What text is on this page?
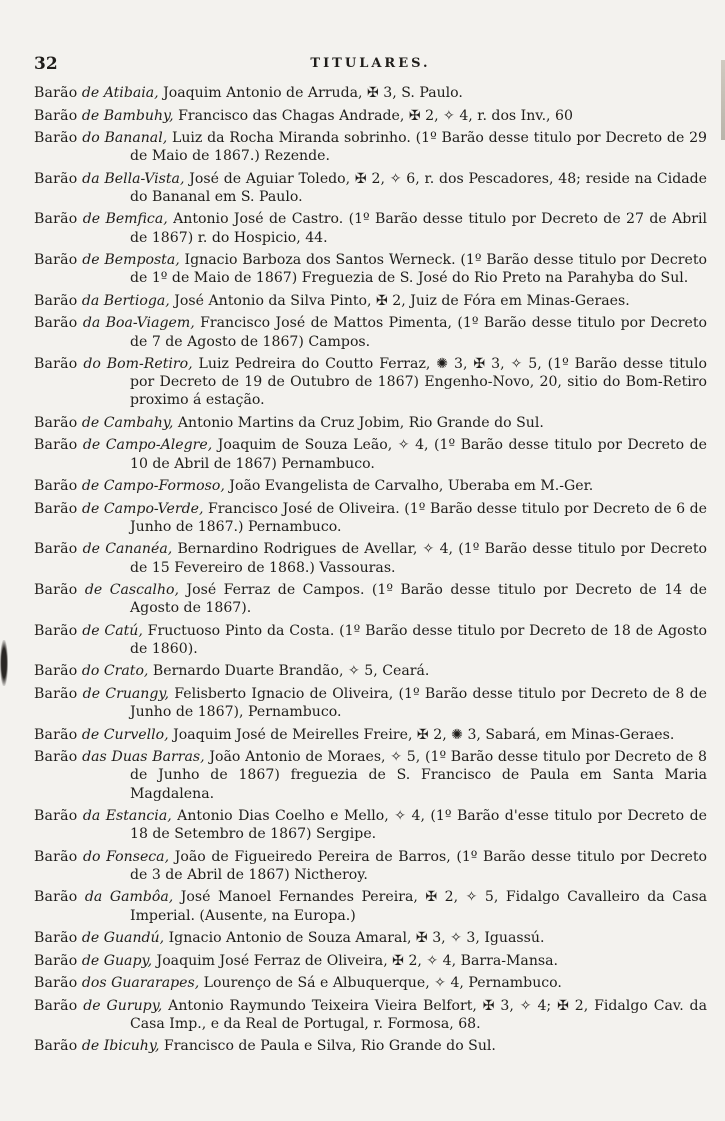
32	TITULARES.

Barão de Atibaia, Joaquim Antonio de Arruda, ✠ 3, S. Paulo.

Barão de Bambuhy, Francisco das Chagas Andrade, ✠ 2, ✧ 4, r. dos Inv., 60

Barão do Bananal, Luiz da Rocha Miranda sobrinho. (1º Barão desse titulo por Decreto de 29 de Maio de 1867.) Rezende.

Barão da Bella-Vista, José de Aguiar Toledo, ✠ 2, ✧ 6, r. dos Pescadores, 48; reside na Cidade do Bananal em S. Paulo.

Barão de Bemfica, Antonio José de Castro. (1º Barão desse titulo por Decreto de 27 de Abril de 1867) r. do Hospicio, 44.

Barão de Bemposta, Ignacio Barboza dos Santos Werneck. (1º Barão desse titulo por Decreto de 1º de Maio de 1867) Freguezia de S. José do Rio Preto na Parahyba do Sul.

Barão da Bertioga, José Antonio da Silva Pinto, ✠ 2, Juiz de Fóra em Minas-Geraes.

Barão da Boa-Viagem, Francisco José de Mattos Pimenta, (1º Barão desse titulo por Decreto de 7 de Agosto de 1867) Campos.

Barão do Bom-Retiro, Luiz Pedreira do Coutto Ferraz, ✺ 3, ✠ 3, ✧ 5, (1º Barão desse titulo por Decreto de 19 de Outubro de 1867) Engenho-Novo, 20, sitio do Bom-Retiro proximo á estação.

Barão de Cambahy, Antonio Martins da Cruz Jobim, Rio Grande do Sul.

Barão de Campo-Alegre, Joaquim de Souza Leão, ✧ 4, (1º Barão desse titulo por Decreto de 10 de Abril de 1867) Pernambuco.

Barão de Campo-Formoso, João Evangelista de Carvalho, Uberaba em M.-Ger.

Barão de Campo-Verde, Francisco José de Oliveira. (1º Barão desse titulo por Decreto de 6 de Junho de 1867.) Pernambuco.

Barão de Cananéa, Bernardino Rodrigues de Avellar, ✧ 4, (1º Barão desse titulo por Decreto de 15 Fevereiro de 1868.) Vassouras.

Barão de Cascalho, José Ferraz de Campos. (1º Barão desse titulo por Decreto de 14 de Agosto de 1867).

Barão de Catú, Fructuoso Pinto da Costa. (1º Barão desse titulo por Decreto de 18 de Agosto de 1860).

Barão do Crato, Bernardo Duarte Brandão, ✧ 5, Ceará.

Barão de Cruangy, Felisberto Ignacio de Oliveira, (1º Barão desse titulo por Decreto de 8 de Junho de 1867), Pernambuco.

Barão de Curvello, Joaquim José de Meirelles Freire, ✠ 2, ✺ 3, Sabará, em Minas-Geraes.

Barão das Duas Barras, João Antonio de Moraes, ✧ 5, (1º Barão desse titulo por Decreto de 8 de Junho de 1867) freguezia de S. Francisco de Paula em Santa Maria Magdalena.

Barão da Estancia, Antonio Dias Coelho e Mello, ✧ 4, (1º Barão d'esse titulo por Decreto de 18 de Setembro de 1867) Sergipe.

Barão do Fonseca, João de Figueiredo Pereira de Barros, (1º Barão desse titulo por Decreto de 3 de Abril de 1867) Nictheroy.

Barão da Gambôa, José Manoel Fernandes Pereira, ✠ 2, ✧ 5, Fidalgo Cavalleiro da Casa Imperial. (Ausente, na Europa.)

Barão de Guandú, Ignacio Antonio de Souza Amaral, ✠ 3, ✧ 3, Iguassú.

Barão de Guapy, Joaquim José Ferraz de Oliveira, ✠ 2, ✧ 4, Barra-Mansa.

Barão dos Guararapes, Lourenço de Sá e Albuquerque, ✧ 4, Pernambuco.

Barão de Gurupy, Antonio Raymundo Teixeira Vieira Belfort, ✠ 3, ✧ 4; ✠ 2, Fidalgo Cav. da Casa Imp., e da Real de Portugal, r. Formosa, 68.

Barão de Ibicuhy, Francisco de Paula e Silva, Rio Grande do Sul.
